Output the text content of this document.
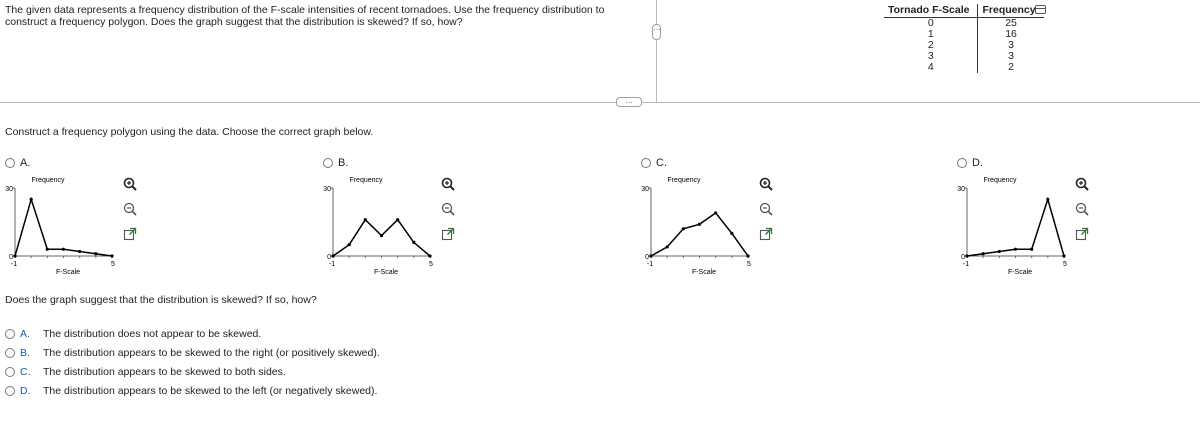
The given data represents a frequency distribution of the F-scale intensities of recent tornadoes. Use the frequency distribution to construct a frequency polygon. Does the graph suggest that the distribution is skewed? If so, how?
Tornado F-Scale	Frequency
0	25
1	16
2	3
3	3
4	2
…
…
Construct a frequency polygon using the data. Choose the correct graph below.
A.
Frequency
30
0
-1	5
F-Scale
B.
Frequency
30
0
-1	5
F-Scale
C.
Frequency
30
0
-1	5
F-Scale
D.
Frequency
30
0
-1	5
F-Scale
Does the graph suggest that the distribution is skewed? If so, how?
A.	The distribution does not appear to be skewed.
B.	The distribution appears to be skewed to the right (or positively skewed).
C.	The distribution appears to be skewed to both sides.
D.	The distribution appears to be skewed to the left (or negatively skewed).
